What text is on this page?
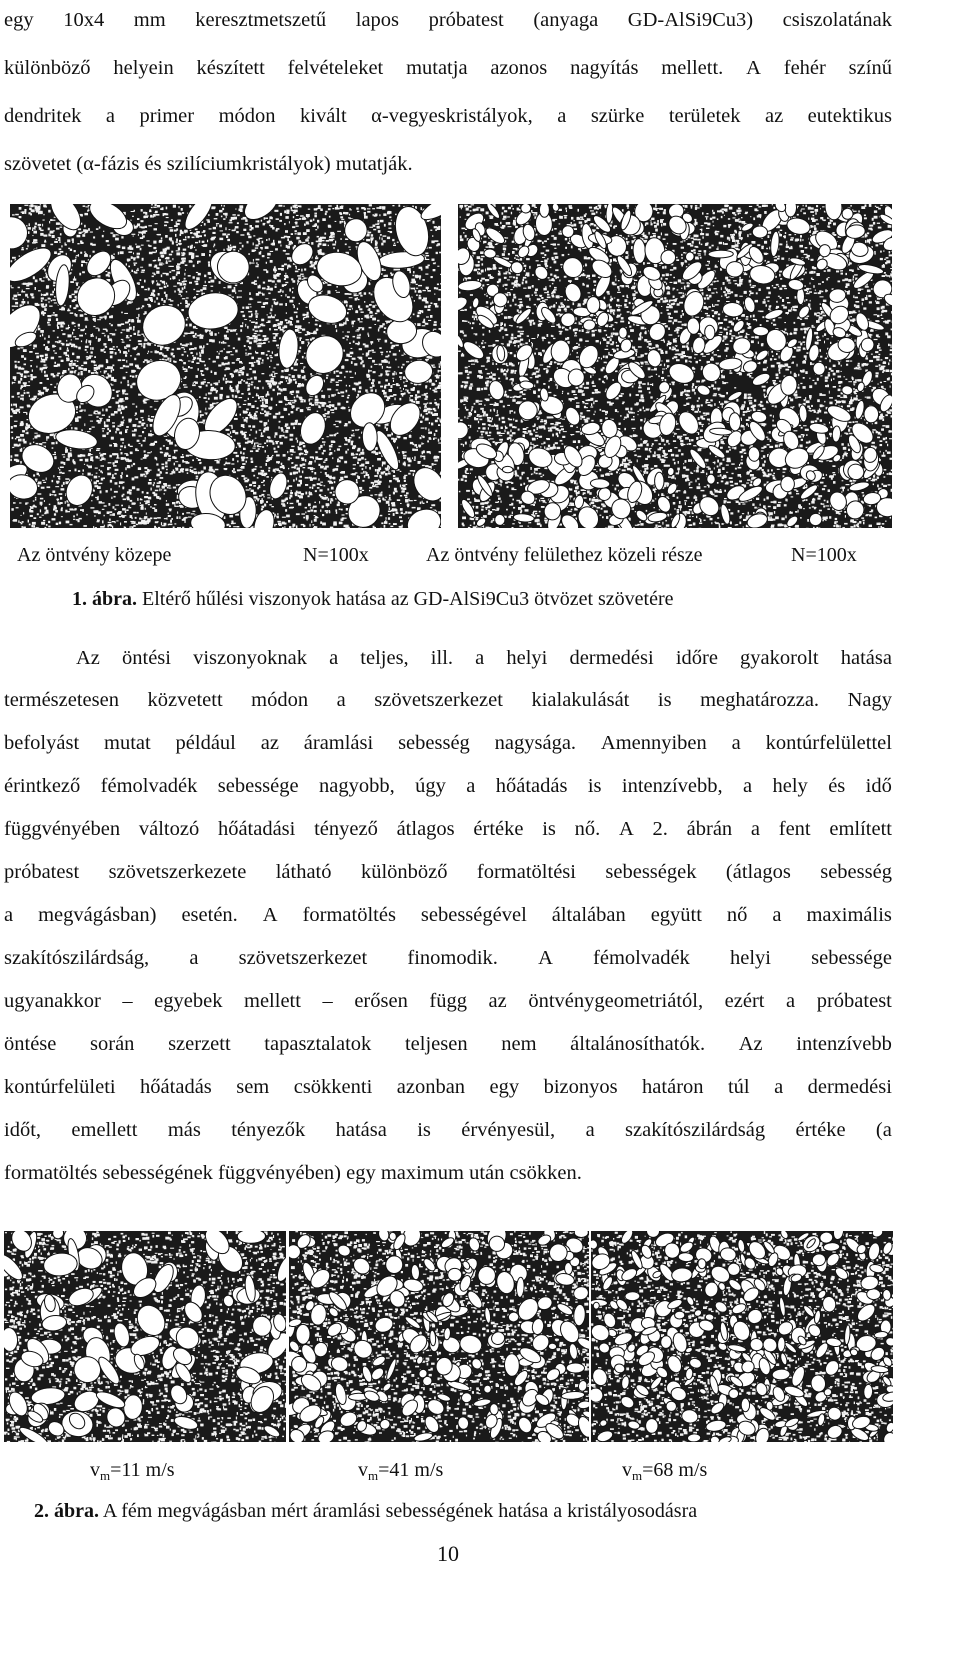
egy 10x4 mm keresztmetszetű lapos próbatest (anyaga GD-AlSi9Cu3) csiszolatának
különböző helyein készített felvételeket mutatja azonos nagyítás mellett. A fehér színű
dendritek a primer módon kivált α-vegyeskristályok, a szürke területek az eutektikus
szövetet (α-fázis és szilíciumkristályok) mutatják.
Az öntvény közepe	N=100x	Az öntvény felülethez közeli része	N=100x
1. ábra. Eltérő hűlési viszonyok hatása az GD-AlSi9Cu3 ötvözet szövetére
Az öntési viszonyoknak a teljes, ill. a helyi dermedési időre gyakorolt hatása
természetesen közvetett módon a szövetszerkezet kialakulását is meghatározza. Nagy
befolyást mutat például az áramlási sebesség nagysága. Amennyiben a kontúrfelülettel
érintkező fémolvadék sebessége nagyobb, úgy a hőátadás is intenzívebb, a hely és idő
függvényében változó hőátadási tényező átlagos értéke is nő. A 2. ábrán a fent említett
próbatest szövetszerkezete látható különböző formatöltési sebességek (átlagos sebesség
a megvágásban) esetén. A formatöltés sebességével általában együtt nő a maximális
szakítószilárdság, a szövetszerkezet finomodik. A fémolvadék helyi sebessége
ugyanakkor – egyebek mellett – erősen függ az öntvénygeometriától, ezért a próbatest
öntése során szerzett tapasztalatok teljesen nem általánosíthatók. Az intenzívebb
kontúrfelületi hőátadás sem csökkenti azonban egy bizonyos határon túl a dermedési
időt, emellett más tényezők hatása is érvényesül, a szakítószilárdság értéke (a
formatöltés sebességének függvényében) egy maximum után csökken.
$v_m=11$ m/s	$v_m=41$ m/s	$v_m=68$ m/s
2. ábra. A fém megvágásban mért áramlási sebességének hatása a kristályosodásra
10
